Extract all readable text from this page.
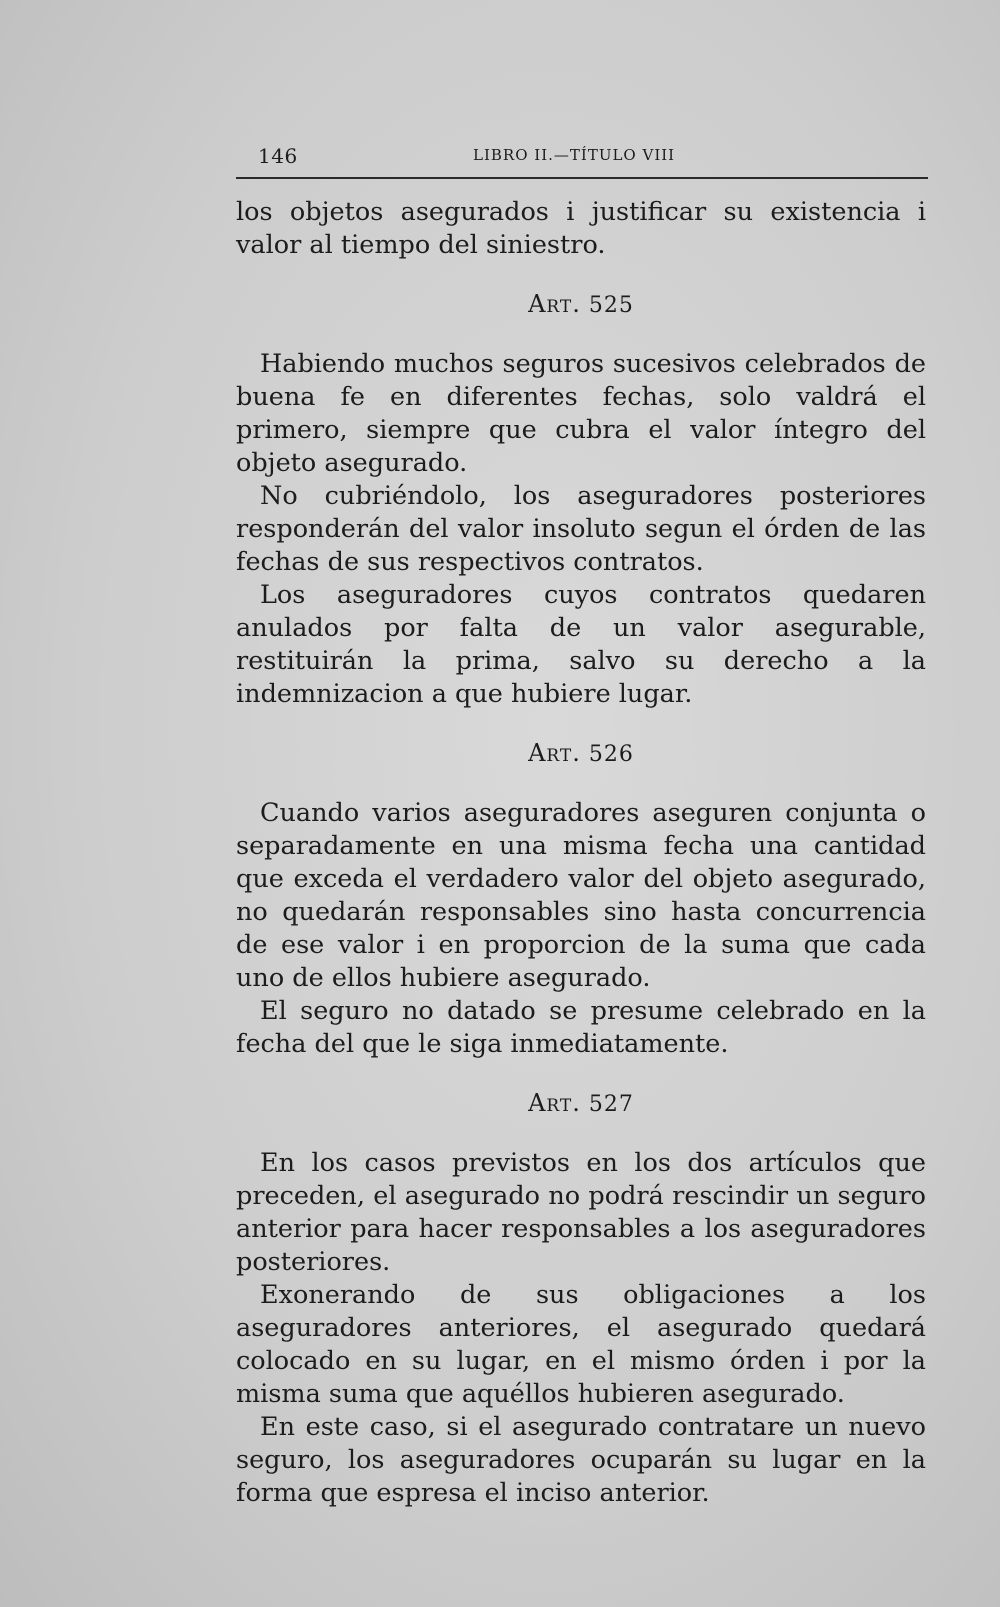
146	LIBRO II.—TÍTULO VIII

los objetos asegurados i justificar su existencia i valor al tiempo del siniestro.

Art. 525

Habiendo muchos seguros sucesivos celebrados de buena fe en diferentes fechas, solo valdrá el primero, siempre que cubra el valor íntegro del objeto asegurado.

No cubriéndolo, los aseguradores posteriores responderán del valor insoluto segun el órden de las fechas de sus respectivos contratos.

Los aseguradores cuyos contratos quedaren anulados por falta de un valor asegurable, restituirán la prima, salvo su derecho a la indemnizacion a que hubiere lugar.

Art. 526

Cuando varios aseguradores aseguren conjunta o separadamente en una misma fecha una cantidad que exceda el verdadero valor del objeto asegurado, no quedarán responsables sino hasta concurrencia de ese valor i en proporcion de la suma que cada uno de ellos hubiere asegurado.

El seguro no datado se presume celebrado en la fecha del que le siga inmediatamente.

Art. 527

En los casos previstos en los dos artículos que preceden, el asegurado no podrá rescindir un seguro anterior para hacer responsables a los aseguradores posteriores.

Exonerando de sus obligaciones a los aseguradores anteriores, el asegurado quedará colocado en su lugar, en el mismo órden i por la misma suma que aquéllos hubieren asegurado.

En este caso, si el asegurado contratare un nuevo seguro, los aseguradores ocuparán su lugar en la forma que espresa el inciso anterior.
